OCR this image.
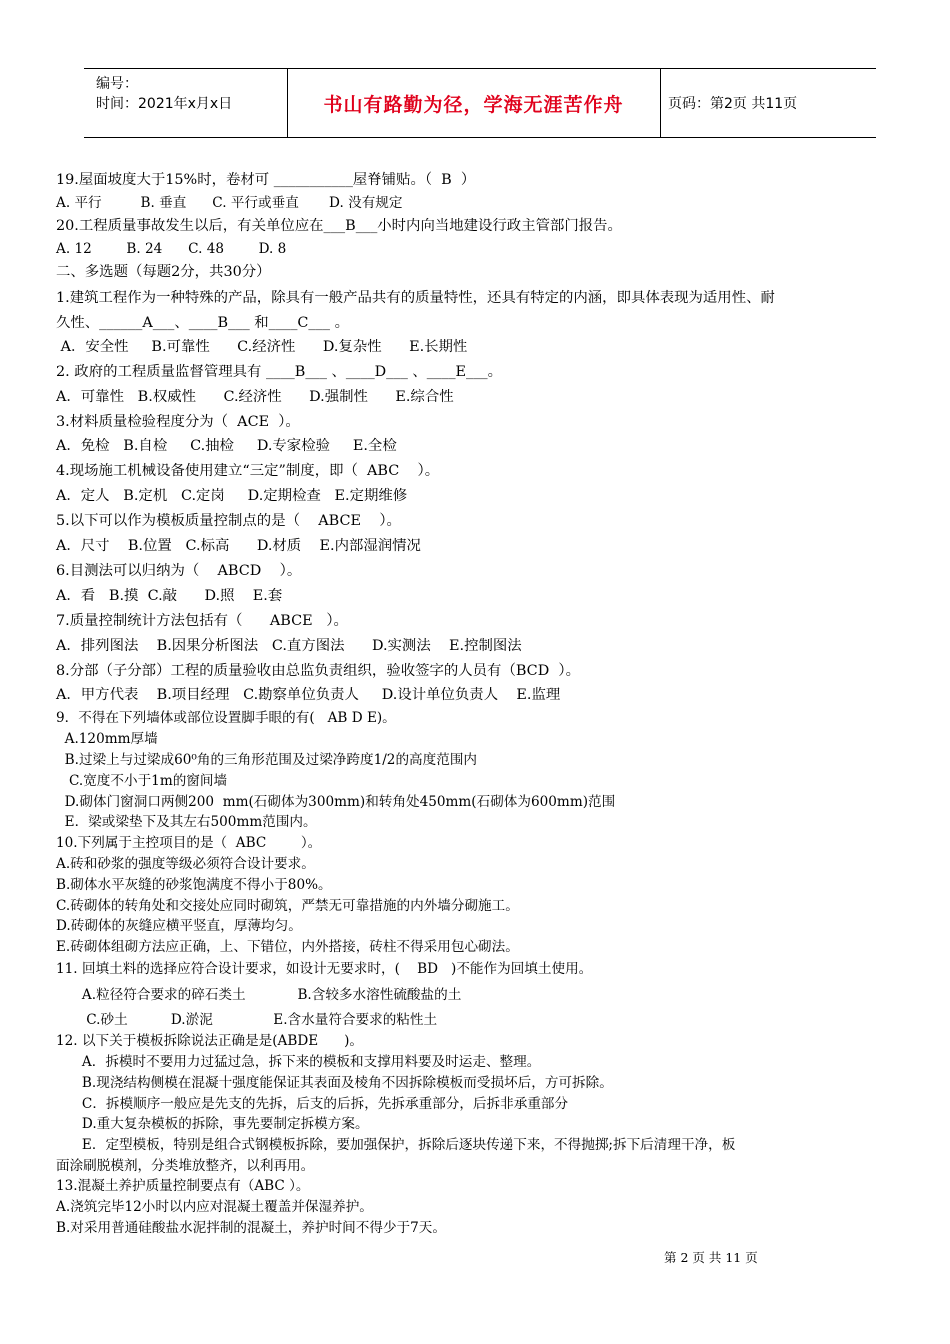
编号：
时间：2021年x月x日	书山有路勤为径，学海无涯苦作舟	页码：第2页 共11页
19.屋面坡度大于15%时，卷材可 ___________屋脊铺贴。（  B  ）
A. 平行         B. 垂直      C. 平行或垂直       D. 没有规定
20.工程质量事故发生以后，有关单位应在___B___小时内向当地建设行政主管部门报告。
A. 12        B. 24      C. 48        D. 8
二、多选题（每题2分，共30分）
1.建筑工程作为一种特殊的产品，除具有一般产品共有的质量特性，还具有特定的内涵，即具体表现为适用性、耐
久性、______A___、____B___ 和____C___ 。
A．安全性     B.可靠性      C.经济性      D.复杂性      E.长期性
2. 政府的工程质量监督管理具有 ____B___ 、____D___ 、____E___。
A．可靠性   B.权威性      C.经济性      D.强制性      E.综合性
3.材料质量检验程度分为（  ACE  ）。
A．免检   B.自检     C.抽检     D.专家检验     E.全检
4.现场施工机械设备使用建立“三定”制度，即（  ABC    ）。
A．定人   B.定机   C.定岗     D.定期检查   E.定期维修
5.以下可以作为模板质量控制点的是（    ABCE    ）。
A．尺寸    B.位置   C.标高      D.材质    E.内部湿润情况
6.目测法可以归纳为（    ABCD    ）。
A．看   B.摸  C.敲      D.照    E.套
7.质量控制统计方法包括有（      ABCE   ）。
A．排列图法    B.因果分析图法   C.直方图法      D.实测法    E.控制图法
8.分部（子分部）工程的质量验收由总监负责组织，验收签字的人员有（BCD  ）。
A．甲方代表    B.项目经理   C.勘察单位负责人     D.设计单位负责人    E.监理
9．不得在下列墙体或部位设置脚手眼的有(   AB D E)。
A.120mm厚墙
B.过梁上与过梁成60⁰角的三角形范围及过梁净跨度1/2的高度范围内
C.宽度不小于1m的窗间墙
D.砌体门窗洞口两侧200  mm(石砌体为300mm)和转角处450mm(石砌体为600mm)范围
E．梁或梁垫下及其左右500mm范围内。
10.下列属于主控项目的是（  ABC        ）。
A.砖和砂浆的强度等级必须符合设计要求。
B.砌体水平灰缝的砂浆饱满度不得小于80%。
C.砖砌体的转角处和交接处应同时砌筑，严禁无可靠措施的内外墙分砌施工。
D.砖砌体的灰缝应横平竖直，厚薄均匀。
E.砖砌体组砌方法应正确，上、下错位，内外搭接，砖柱不得采用包心砌法。
11. 回填土料的选择应符合设计要求，如设计无要求时，(    BD   )不能作为回填土使用。
A.粒径符合要求的碎石类土            B.含较多水溶性硫酸盐的土
C.砂土          D.淤泥              E.含水量符合要求的粘性土
12. 以下关于模板拆除说法正确是是(ABDE      )。
A．拆模时不要用力过猛过急，拆下来的模板和支撑用料要及时运走、整理。
B.现浇结构侧模在混凝十强度能保证其表面及棱角不因拆除模板而受损坏后，方可拆除。
C．拆模顺序一般应是先支的先拆，后支的后拆，先拆承重部分，后拆非承重部分
D.重大复杂模板的拆除，事先要制定拆模方案。
E．定型模板，特别是组合式钢模板拆除，要加强保护，拆除后逐块传递下来，不得抛掷;拆下后清理干净，板
面涂刷脱模剂，分类堆放整齐，以利再用。
13.混凝土养护质量控制要点有（ABC ）。
A.浇筑完毕12小时以内应对混凝土覆盖并保湿养护。
B.对采用普通硅酸盐水泥拌制的混凝土，养护时间不得少于7天。
第 2 页 共 11 页
